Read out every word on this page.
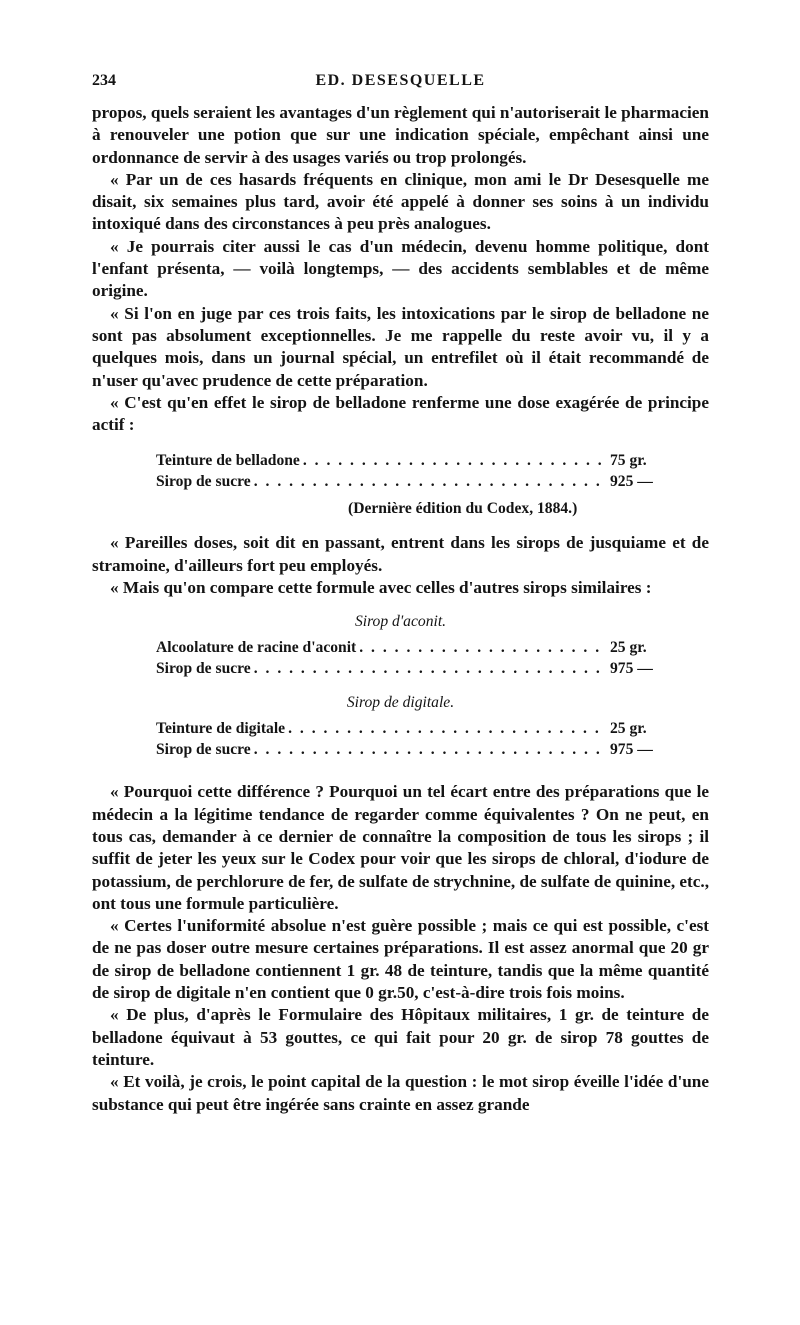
234	ED. DESESQUELLE

propos, quels seraient les avantages d'un règlement qui n'autoriserait le pharmacien à renouveler une potion que sur une indication spéciale, empêchant ainsi une ordonnance de servir à des usages variés ou trop prolongés.

« Par un de ces hasards fréquents en clinique, mon ami le Dr Desesquelle me disait, six semaines plus tard, avoir été appelé à donner ses soins à un individu intoxiqué dans des circonstances à peu près analogues.

« Je pourrais citer aussi le cas d'un médecin, devenu homme politique, dont l'enfant présenta, — voilà longtemps, — des accidents semblables et de même origine.

« Si l'on en juge par ces trois faits, les intoxications par le sirop de belladone ne sont pas absolument exceptionnelles. Je me rappelle du reste avoir vu, il y a quelques mois, dans un journal spécial, un entrefilet où il était recommandé de n'user qu'avec prudence de cette préparation.

« C'est qu'en effet le sirop de belladone renferme une dose exagérée de principe actif :

Teinture de belladone . . .	75 gr.
Sirop de sucre . . .	925 —
(Dernière édition du Codex, 1884.)

« Pareilles doses, soit dit en passant, entrent dans les sirops de jusquiame et de stramoine, d'ailleurs fort peu employés.

« Mais qu'on compare cette formule avec celles d'autres sirops similaires :

Sirop d'aconit.
Alcoolature de racine d'aconit . . .	25 gr.
Sirop de sucre . . .	975 —
Sirop de digitale.
Teinture de digitale . . .	25 gr.
Sirop de sucre . . .	975 —

« Pourquoi cette différence ? Pourquoi un tel écart entre des préparations que le médecin a la légitime tendance de regarder comme équivalentes ? On ne peut, en tous cas, demander à ce dernier de connaître la composition de tous les sirops ; il suffit de jeter les yeux sur le Codex pour voir que les sirops de chloral, d'iodure de potassium, de perchlorure de fer, de sulfate de strychnine, de sulfate de quinine, etc., ont tous une formule particulière.

« Certes l'uniformité absolue n'est guère possible ; mais ce qui est possible, c'est de ne pas doser outre mesure certaines préparations. Il est assez anormal que 20 gr de sirop de belladone contiennent 1 gr. 48 de teinture, tandis que la même quantité de sirop de digitale n'en contient que 0 gr.50, c'est-à-dire trois fois moins.

« De plus, d'après le Formulaire des Hôpitaux militaires, 1 gr. de teinture de belladone équivaut à 53 gouttes, ce qui fait pour 20 gr. de sirop 78 gouttes de teinture.

« Et voilà, je crois, le point capital de la question : le mot sirop éveille l'idée d'une substance qui peut être ingérée sans crainte en assez grande
